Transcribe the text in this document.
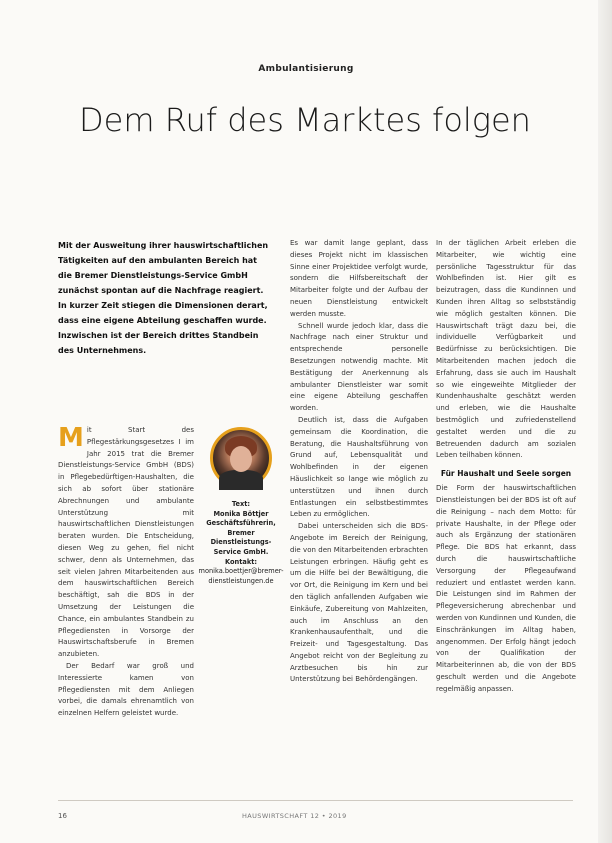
Ambulantisierung
Dem Ruf des Marktes folgen
Mit der Ausweitung ihrer hauswirtschaftlichen Tätigkeiten auf den ambulanten Bereich hat die Bremer Dienstleistungs-Service GmbH zunächst spontan auf die Nachfrage reagiert. In kurzer Zeit stiegen die Dimensionen derart, dass eine eigene Abteilung geschaffen wurde. Inzwischen ist der Bereich drittes Standbein des Unternehmens.
M it Start des Pflegestärkungsgesetzes I im Jahr 2015 trat die Bremer Dienstleistungs-Service GmbH (BDS) in Pflegebedürftigen-Haushalten, die sich ab sofort über stationäre Abrechnungen und ambulante Unterstützung mit hauswirtschaftlichen Dienstleistungen beraten wurden. Die Entscheidung, diesen Weg zu gehen, fiel nicht schwer, denn als Unternehmen, das seit vielen Jahren Mitarbeitenden aus dem hauswirtschaftlichen Bereich beschäftigt, sah die BDS in der Umsetzung der Leistungen die Chance, ein ambulantes Standbein zu Pflegediensten in Vorsorge der Hauswirtschaftsberufe in Bremen anzubieten.

Der Bedarf war groß und Interessierte kamen von Pflegediensten mit dem Anliegen vorbei, die damals ehrenamtlich von einzelnen Helfern geleistet wurde.

Text:
Monika Böttjer
Geschäftsführerin, Bremer Dienstleistungs-Service GmbH. Kontakt:
monika.boettjer@bremer-dienstleistungen.de

Es war damit lange geplant, dass dieses Projekt nicht im klassischen Sinne einer Projektidee verfolgt wurde, sondern die Hilfsbereitschaft der Mitarbeiter folgte und der Aufbau der neuen Dienstleistung entwickelt werden musste.

Schnell wurde jedoch klar, dass die Nachfrage nach einer Struktur und entsprechende personelle Besetzungen notwendig machte. Mit Bestätigung der Anerkennung als ambulanter Dienstleister war somit eine eigene Abteilung geschaffen worden.

Deutlich ist, dass die Aufgaben gemeinsam die Koordination, die Beratung, die Haushaltsführung von Grund auf, Lebensqualität und Wohlbefinden in der eigenen Häuslichkeit so lange wie möglich zu unterstützen und ihnen durch Entlastungen ein selbstbestimmtes Leben zu ermöglichen.

Dabei unterscheiden sich die BDS-Angebote im Bereich der Reinigung, die von den Mitarbeitenden erbrachten Leistungen erbringen. Häufig geht es um die Hilfe bei der Bewältigung, die vor Ort, die Reinigung im Kern und bei den täglich anfallenden Aufgaben wie Einkäufe, Zubereitung von Mahlzeiten, auch im Anschluss an den Krankenhausaufenthalt, und die Freizeit- und Tagesgestaltung. Das Angebot reicht von der Begleitung zu Arztbesuchen bis hin zur Unterstützung bei Behördengängen.

In der täglichen Arbeit erleben die Mitarbeiter, wie wichtig eine persönliche Tagesstruktur für das Wohlbefinden ist. Hier gilt es beizutragen, dass die Kundinnen und Kunden ihren Alltag so selbstständig wie möglich gestalten können. Die Hauswirtschaft trägt dazu bei, die individuelle Verfügbarkeit und Bedürfnisse zu berücksichtigen. Die Mitarbeitenden machen jedoch die Erfahrung, dass sie auch im Haushalt so wie eingeweihte Mitglieder der Kundenhaushalte geschätzt werden und erleben, wie die Haushalte bestmöglich und zufriedenstellend gestaltet werden und die zu Betreuenden dadurch am sozialen Leben teilhaben können.

Für Haushalt und Seele sorgen

Die Form der hauswirtschaftlichen Dienstleistungen bei der BDS ist oft auf die Reinigung – nach dem Motto: für private Haushalte, in der Pflege oder auch als Ergänzung der stationären Pflege. Die BDS hat erkannt, dass durch die hauswirtschaftliche Versorgung der Pflegeaufwand reduziert und entlastet werden kann. Die Leistungen sind im Rahmen der Pflegeversicherung abrechenbar und werden von Kundinnen und Kunden, die Einschränkungen im Alltag haben, angenommen. Der Erfolg hängt jedoch von der Qualifikation der Mitarbeiterinnen ab, die von der BDS geschult werden und die Angebote regelmäßig anpassen.

16	HAUSWIRTSCHAFT 12 • 2019
